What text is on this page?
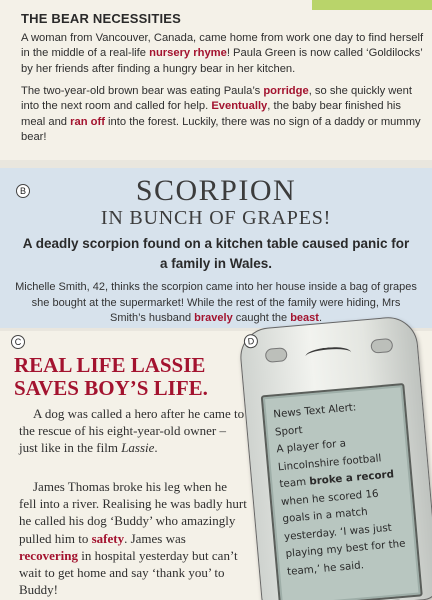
THE BEAR NECESSITIES

A woman from Vancouver, Canada, came home from work one day to find herself in the middle of a real-life nursery rhyme! Paula Green is now called ‘Goldilocks’ by her friends after finding a hungry bear in her kitchen.

The two-year-old brown bear was eating Paula’s porridge, so she quickly went into the next room and called for help. Eventually, the baby bear finished his meal and ran off into the forest. Luckily, there was no sign of a daddy or mummy bear!

B	SCORPION
IN BUNCH OF GRAPES!
A deadly scorpion found on a kitchen table caused panic for a family in Wales.

Michelle Smith, 42, thinks the scorpion came into her house inside a bag of grapes she bought at the supermarket! While the rest of the family were hiding, Mrs Smith’s husband bravely caught the beast.

C
REAL LIFE LASSIE SAVES BOY’S LIFE.

A dog was called a hero after he came to the rescue of his eight-year-old owner – just like in the film Lassie.

James Thomas broke his leg when he fell into a river. Realising he was badly hurt he called his dog ‘Buddy’ who amazingly pulled him to safety. James was recovering in hospital yesterday but can’t wait to get home and say ‘thank you’ to Buddy!

D
News Text Alert:
Sport
A player for a Lincolnshire football team broke a record when he scored 16 goals in a match yesterday. ‘I was just playing my best for the team,’ he said.
